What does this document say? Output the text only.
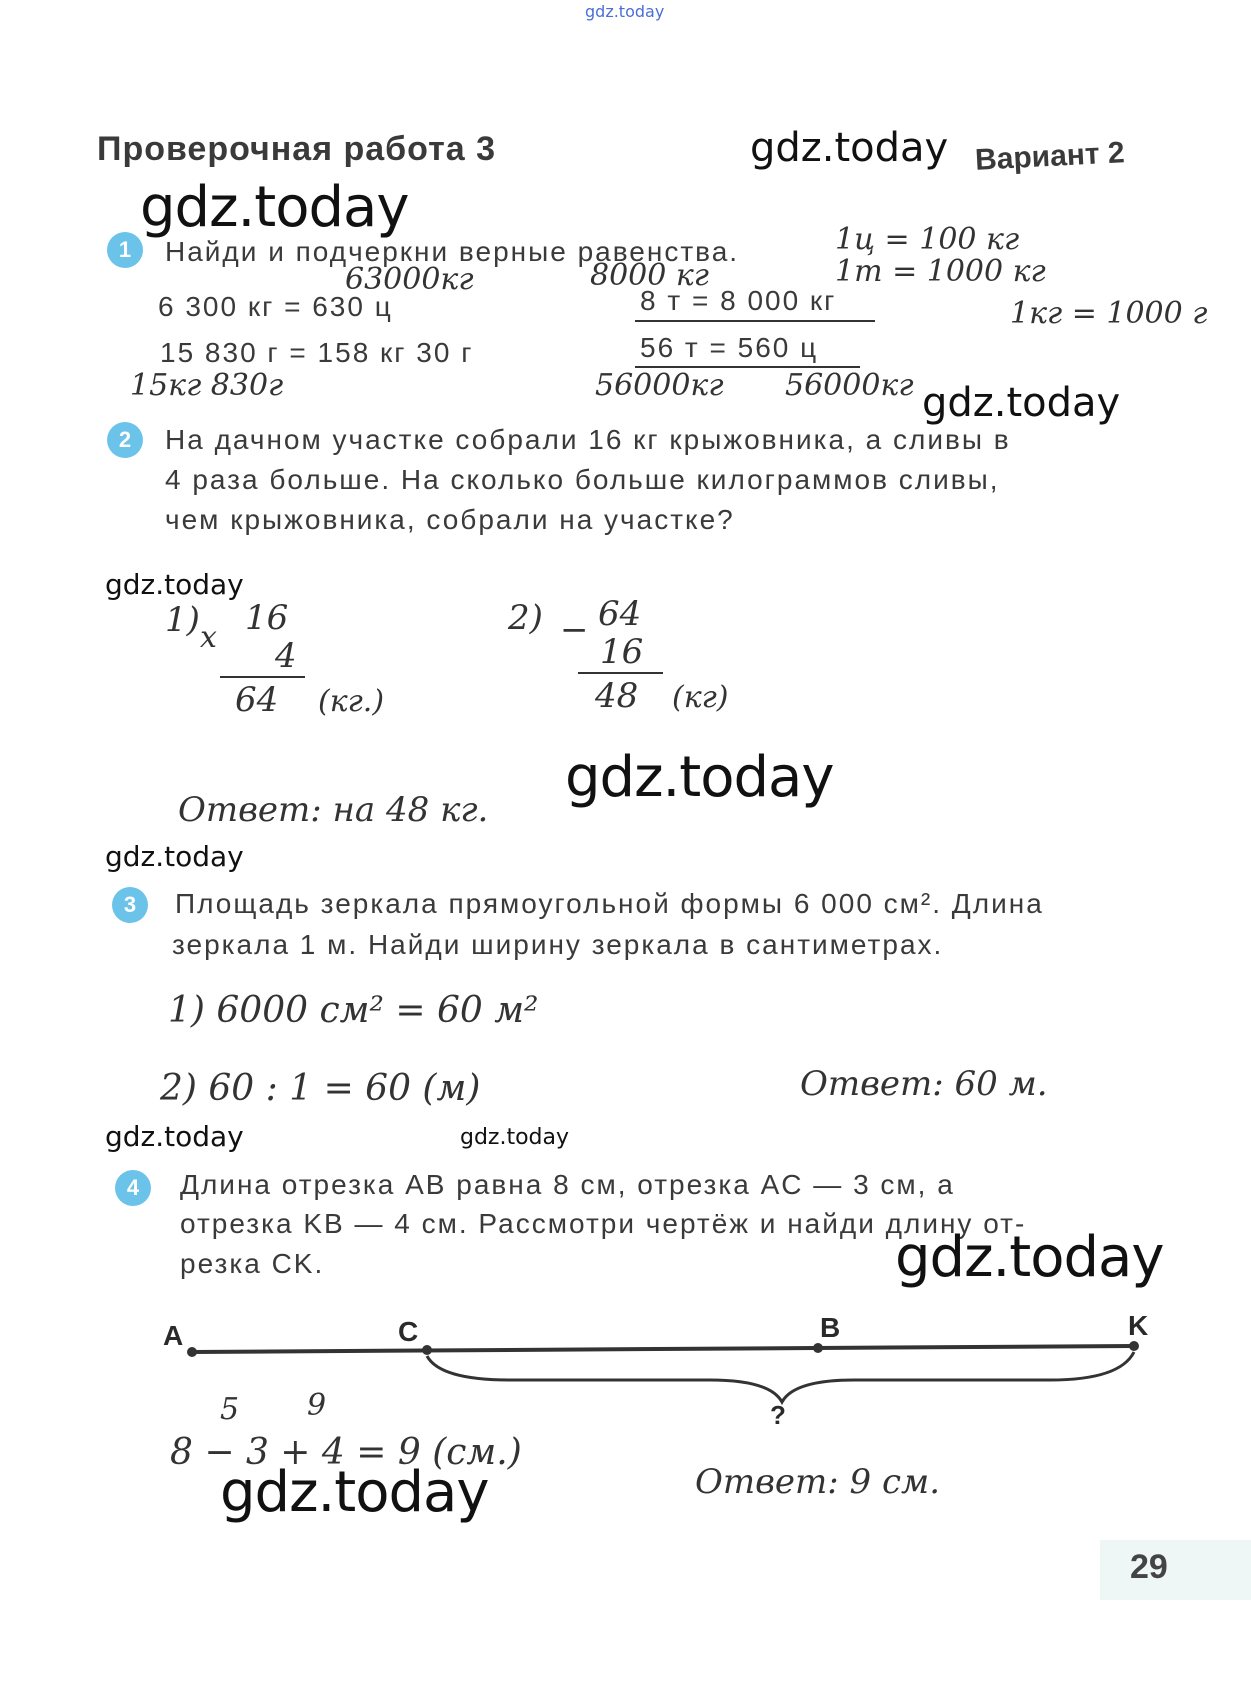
gdz.today
Проверочная работа 3	Вариант 2
gdz.today
gdz.today
1	Найди и подчеркни верные равенства.
63000кг
6 300 кг = 630 ц
15 830 г = 158 кг 30 г
15кг 830г
8000 кг
8 т = 8 000 кг
56 т = 560 ц
56000кг 56000кг
1ц = 100 кг
1т = 1000 кг
1кг = 1000 г
gdz.today
2	На дачном участке собрали 16 кг крыжовника, а сливы в
4 раза больше. На сколько больше килограммов сливы,
чем крыжовника, собрали на участке?
gdz.today
1) x 16
4
64 (кг.)
2) − 64
16
48 (кг)
Ответ: на 48 кг. gdz.today
gdz.today
3	Площадь зеркала прямоугольной формы 6 000 см². Длина
зеркала 1 м. Найди ширину зеркала в сантиметрах.
1) 6000 см² = 60 м²
2) 60 : 1 = 60 (м)	Ответ: 60 м.
gdz.today	gdz.today
4	Длина отрезка AB равна 8 см, отрезка AC — 3 см, а
отрезка KB — 4 см. Рассмотри чертёж и найди длину от-
резка CK.	gdz.today
A	C	B	K
?
5 9
8 − 3 + 4 = 9 (см.)
Ответ: 9 см.
gdz.today
29
